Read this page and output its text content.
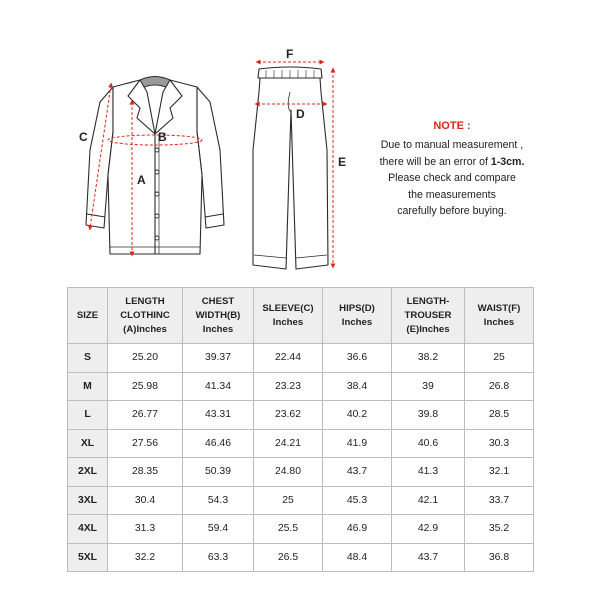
A
B
C
D
E
F
NOTE :
Due to manual measurement ,
there will be an error of 1-3cm.
Please check and compare
the measurements
carefully before buying.
SIZE	LENGTH
CLOTHINC
(A)Inches	CHEST
WIDTH(B)
Inches	SLEEVE(C)
Inches	HIPS(D)
Inches	LENGTH-
TROUSER
(E)Inches	WAIST(F)
Inches

S	25.20	39.37	22.44	36.6	38.2	25
M	25.98	41.34	23.23	38.4	39	26.8
L	26.77	43.31	23.62	40.2	39.8	28.5
XL	27.56	46.46	24.21	41.9	40.6	30.3
2XL	28.35	50.39	24.80	43.7	41.3	32.1
3XL	30.4	54.3	25	45.3	42.1	33.7
4XL	31.3	59.4	25.5	46.9	42.9	35.2
5XL	32.2	63.3	26.5	48.4	43.7	36.8
